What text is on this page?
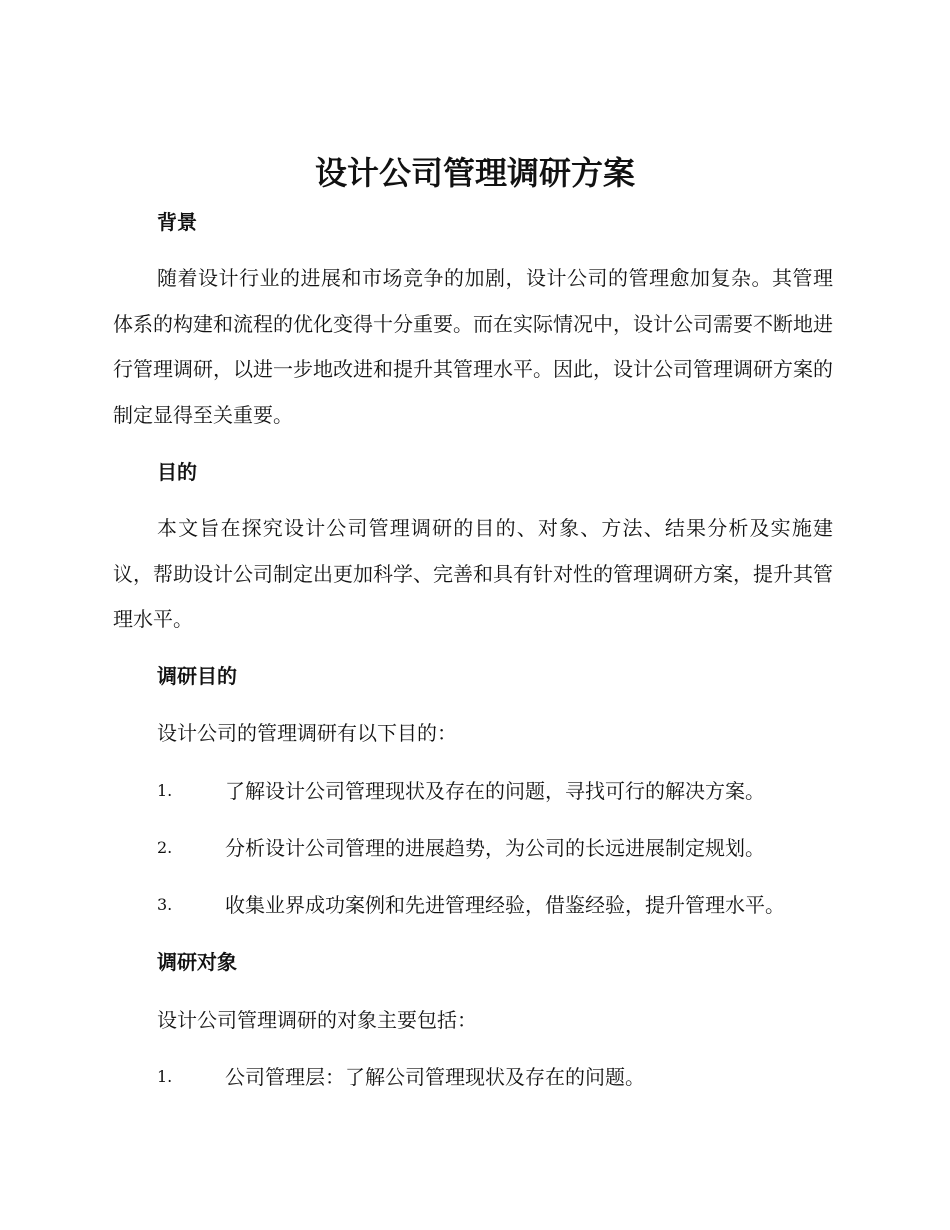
设计公司管理调研方案
背景

随着设计行业的进展和市场竞争的加剧，设计公司的管理愈加复杂。其管理体系的构建和流程的优化变得十分重要。而在实际情况中，设计公司需要不断地进行管理调研，以进一步地改进和提升其管理水平。因此，设计公司管理调研方案的制定显得至关重要。

目的

本文旨在探究设计公司管理调研的目的、对象、方法、结果分析及实施建议，帮助设计公司制定出更加科学、完善和具有针对性的管理调研方案，提升其管理水平。

调研目的

设计公司的管理调研有以下目的：

1.	了解设计公司管理现状及存在的问题，寻找可行的解决方案。
2.	分析设计公司管理的进展趋势，为公司的长远进展制定规划。
3.	收集业界成功案例和先进管理经验，借鉴经验，提升管理水平。
调研对象

设计公司管理调研的对象主要包括：

1.	公司管理层：了解公司管理现状及存在的问题。
